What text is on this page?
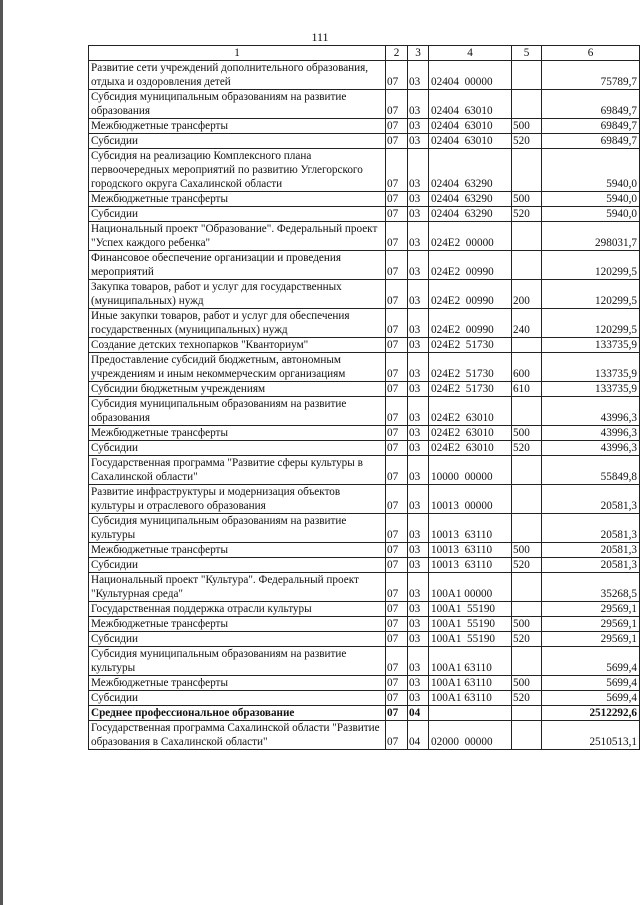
111
1	2	3	4	5	6
Развитие сети учреждений дополнительного образования, отдыха и оздоровления детей	07	03	02404  00000		75789,7
Субсидия муниципальным образованиям на развитие образования	07	03	02404  63010		69849,7
Межбюджетные трансферты	07	03	02404  63010	500	69849,7
Субсидии	07	03	02404  63010	520	69849,7
Субсидия на реализацию Комплексного плана первоочередных мероприятий по развитию Углегорского городского округа Сахалинской области	07	03	02404  63290		5940,0
Межбюджетные трансферты	07	03	02404  63290	500	5940,0
Субсидии	07	03	02404  63290	520	5940,0
Национальный проект "Образование". Федеральный проект "Успех каждого ребенка"	07	03	024E2  00000		298031,7
Финансовое обеспечение организации и проведения мероприятий	07	03	024E2  00990		120299,5
Закупка товаров, работ и услуг для государственных (муниципальных) нужд	07	03	024E2  00990	200	120299,5
Иные закупки товаров, работ и услуг для обеспечения государственных (муниципальных) нужд	07	03	024E2  00990	240	120299,5
Создание детских технопарков "Кванториум"	07	03	024E2  51730		133735,9
Предоставление субсидий бюджетным, автономным учреждениям и иным некоммерческим организациям	07	03	024E2  51730	600	133735,9
Субсидии бюджетным учреждениям	07	03	024E2  51730	610	133735,9
Субсидия муниципальным образованиям на развитие образования	07	03	024E2  63010		43996,3
Межбюджетные трансферты	07	03	024E2  63010	500	43996,3
Субсидии	07	03	024E2  63010	520	43996,3
Государственная программа "Развитие сферы культуры в Сахалинской области"	07	03	10000  00000		55849,8
Развитие инфраструктуры и модернизация объектов культуры и отраслевого образования	07	03	10013  00000		20581,3
Субсидия муниципальным образованиям на развитие культуры	07	03	10013  63110		20581,3
Межбюджетные трансферты	07	03	10013  63110	500	20581,3
Субсидии	07	03	10013  63110	520	20581,3
Национальный проект "Культура". Федеральный проект "Культурная среда"	07	03	100A1 00000		35268,5
Государственная поддержка отрасли культуры	07	03	100A1  55190		29569,1
Межбюджетные трансферты	07	03	100A1  55190	500	29569,1
Субсидии	07	03	100A1  55190	520	29569,1
Субсидия муниципальным образованиям на развитие культуры	07	03	100A1 63110		5699,4
Межбюджетные трансферты	07	03	100A1 63110	500	5699,4
Субсидии	07	03	100A1 63110	520	5699,4
Среднее профессиональное образование	07	04			2512292,6
Государственная программа Сахалинской области "Развитие образования в Сахалинской области"	07	04	02000  00000		2510513,1
